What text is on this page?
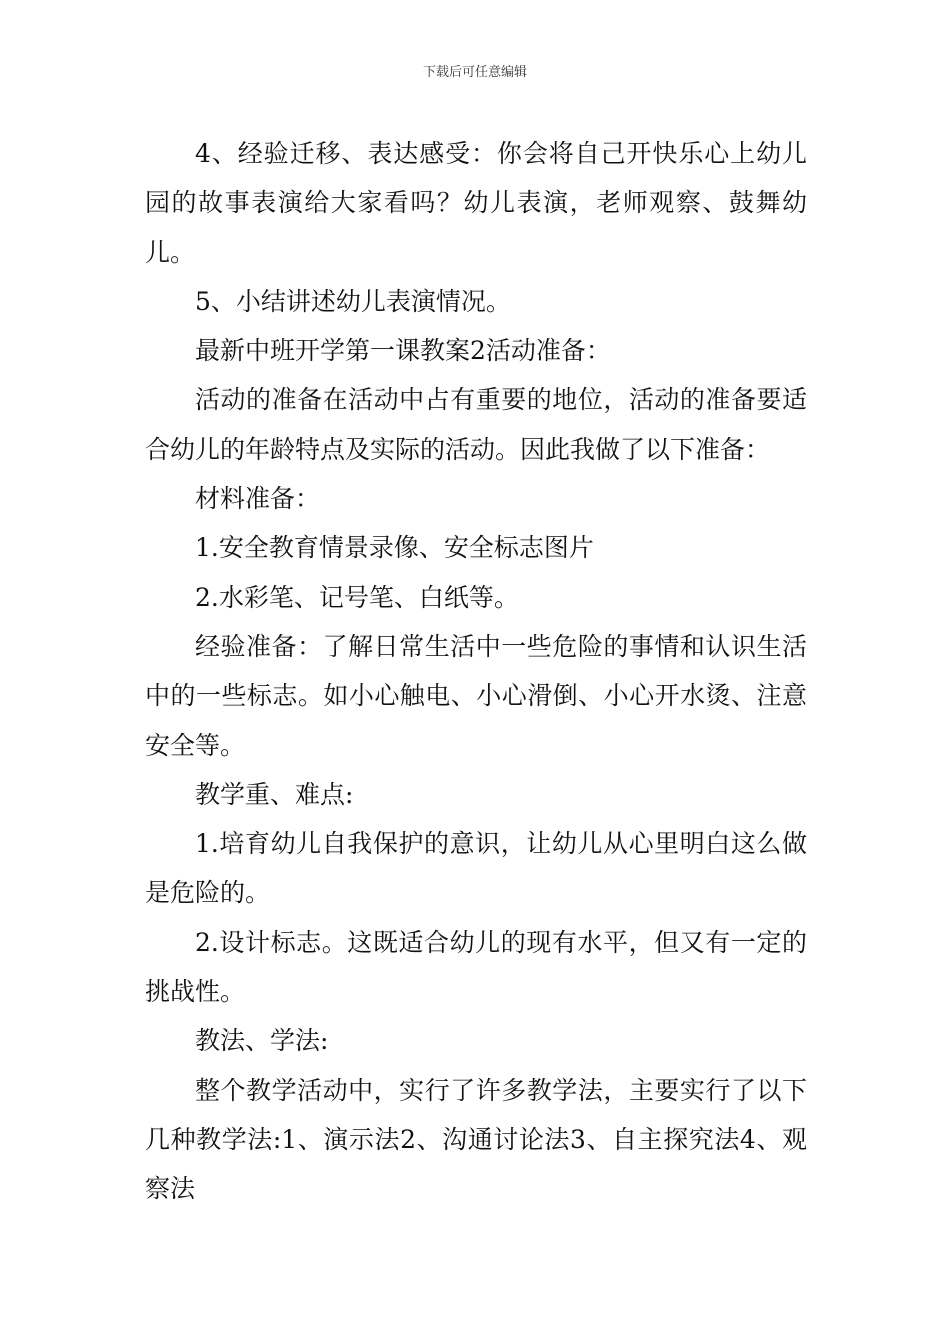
下载后可任意编辑

4、经验迁移、表达感受：你会将自己开快乐心上幼儿园的故事表演给大家看吗？幼儿表演，老师观察、鼓舞幼儿。

5、小结讲述幼儿表演情况。

最新中班开学第一课教案2活动准备：

活动的准备在活动中占有重要的地位，活动的准备要适合幼儿的年龄特点及实际的活动。因此我做了以下准备：

材料准备：

1.安全教育情景录像、安全标志图片

2.水彩笔、记号笔、白纸等。

经验准备：了解日常生活中一些危险的事情和认识生活中的一些标志。如小心触电、小心滑倒、小心开水烫、注意安全等。

教学重、难点:

1.培育幼儿自我保护的意识，让幼儿从心里明白这么做是危险的。

2.设计标志。这既适合幼儿的现有水平，但又有一定的挑战性。

教法、学法:

整个教学活动中，实行了许多教学法，主要实行了以下几种教学法:1、演示法2、沟通讨论法3、自主探究法4、观察法
